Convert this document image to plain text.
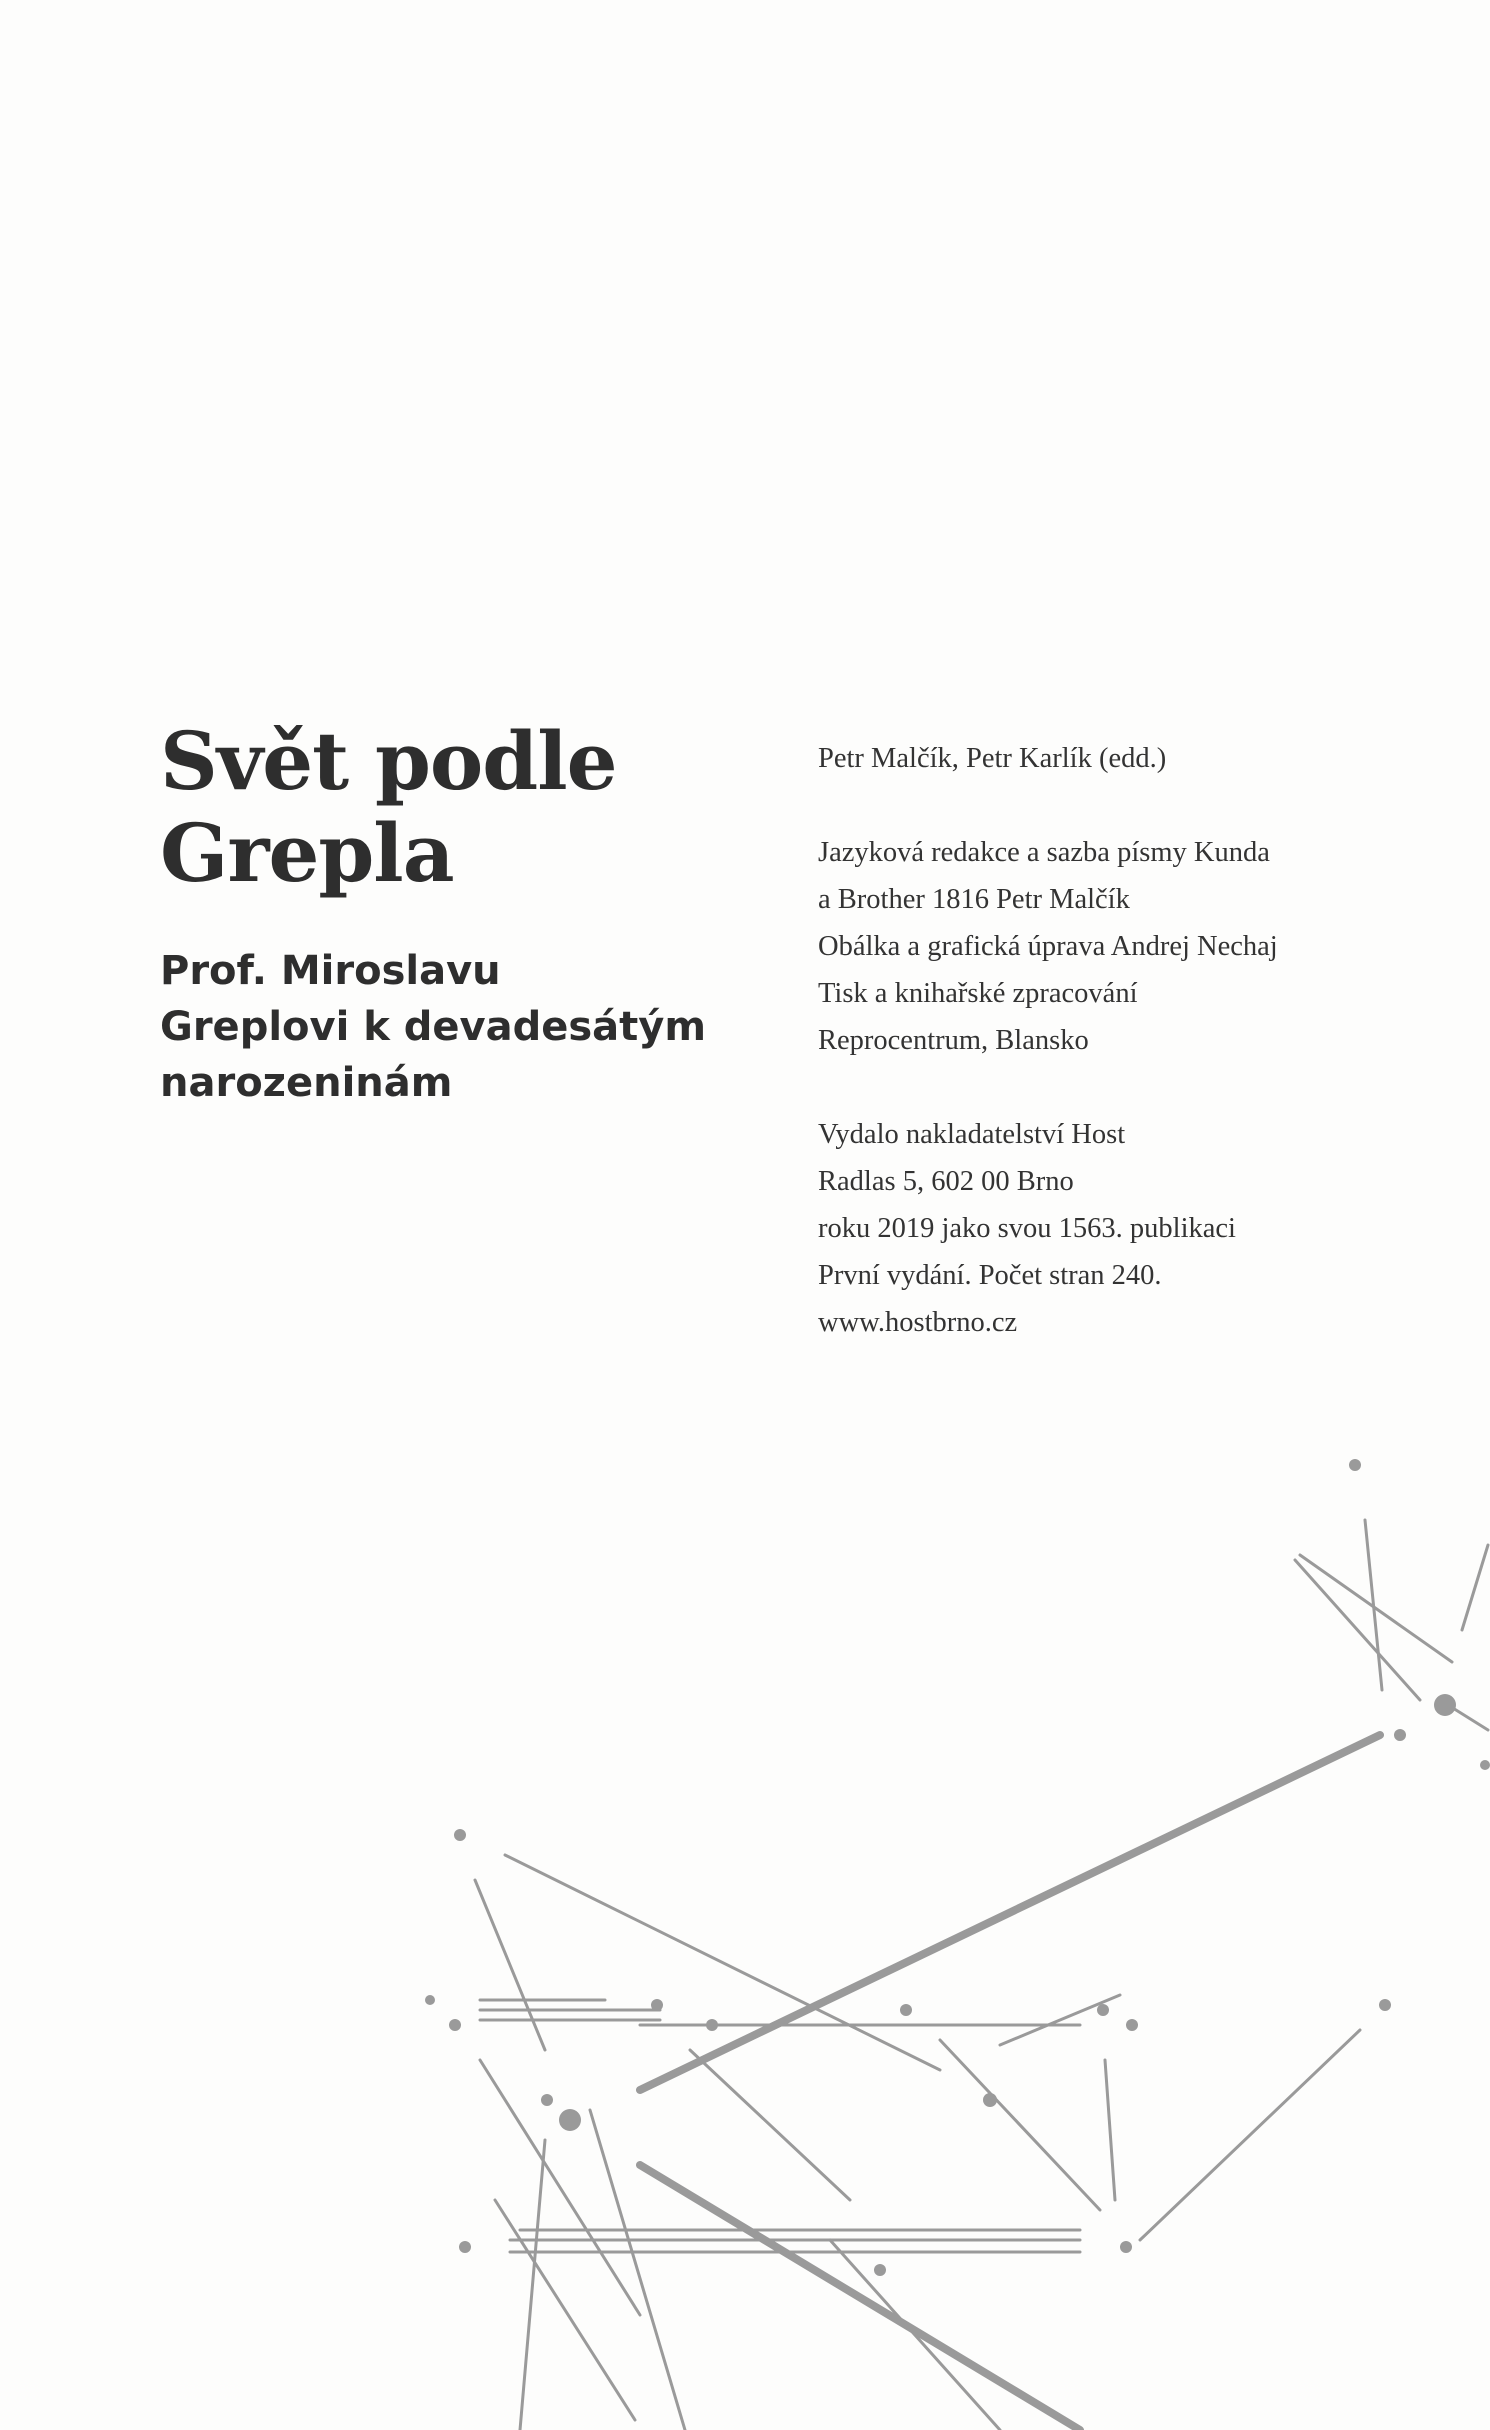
Svět podle
Grepla
Prof. Miroslavu
Greplovi k devadesátým
narozeninám

Petr Malčík, Petr Karlík (edd.)

Jazyková redakce a sazba písmy Kunda
a Brother 1816 Petr Malčík
Obálka a grafická úprava Andrej Nechaj
Tisk a knihařské zpracování
Reprocentrum, Blansko

Vydalo nakladatelství Host
Radlas 5, 602 00 Brno
roku 2019 jako svou 1563. publikaci
První vydání. Počet stran 240.
www.hostbrno.cz
